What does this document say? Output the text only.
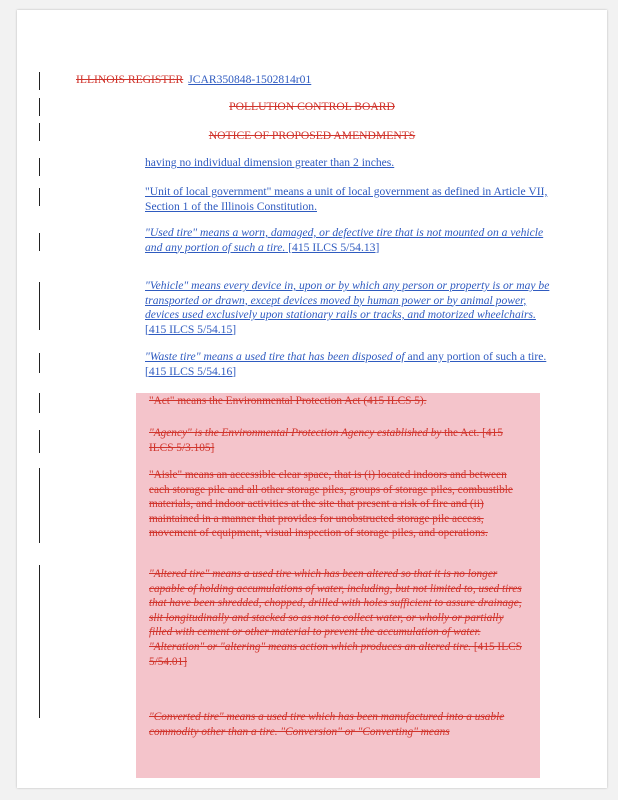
ILLINOIS REGISTER JCAR350848-1502814r01
POLLUTION CONTROL BOARD
NOTICE OF PROPOSED AMENDMENTS
having no individual dimension greater than 2 inches.
"Unit of local government" means a unit of local government as defined in Article VII, Section 1 of the Illinois Constitution.
"Used tire" means a worn, damaged, or defective tire that is not mounted on a vehicle and any portion of such a tire. [415 ILCS 5/54.13]
"Vehicle" means every device in, upon or by which any person or property is or may be transported or drawn, except devices moved by human power or by animal power, devices used exclusively upon stationary rails or tracks, and motorized wheelchairs. [415 ILCS 5/54.15]
"Waste tire" means a used tire that has been disposed of and any portion of such a tire. [415 ILCS 5/54.16]
"Act" means the Environmental Protection Act (415 ILCS 5).
"Agency" is the Environmental Protection Agency established by the Act. [415 ILCS 5/3.105]
"Aisle" means an accessible clear space, that is (i) located indoors and between each storage pile and all other storage piles, groups of storage piles, combustible materials, and indoor activities at the site that present a risk of fire and (ii) maintained in a manner that provides for unobstructed storage pile access, movement of equipment, visual inspection of storage piles, and operations.
"Altered tire" means a used tire which has been altered so that it is no longer capable of holding accumulations of water, including, but not limited to, used tires that have been shredded, chopped, drilled with holes sufficient to assure drainage, slit longitudinally and stacked so as not to collect water, or wholly or partially filled with cement or other material to prevent the accumulation of water. "Alteration" or "altering" means action which produces an altered tire. [415 ILCS 5/54.01]
"Converted tire" means a used tire which has been manufactured into a usable commodity other than a tire. "Conversion" or "Converting" means
